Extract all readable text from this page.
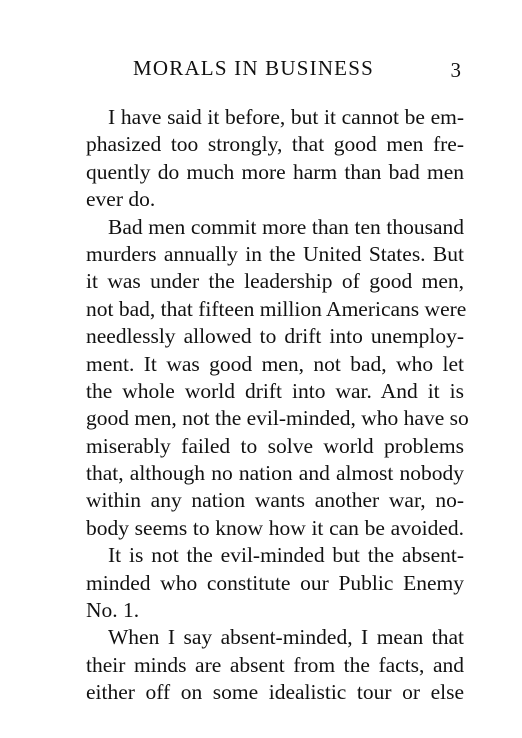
MORALS IN BUSINESS	3
I have said it before, but it cannot be em-
phasized too strongly, that good men fre-
quently do much more harm than bad men
ever do.
Bad men commit more than ten thousand
murders annually in the United States. But
it was under the leadership of good men,
not bad, that fifteen million Americans were
needlessly allowed to drift into unemploy-
ment. It was good men, not bad, who let
the whole world drift into war. And it is
good men, not the evil-minded, who have so
miserably failed to solve world problems
that, although no nation and almost nobody
within any nation wants another war, no-
body seems to know how it can be avoided.
It is not the evil-minded but the absent-
minded who constitute our Public Enemy
No. 1.
When I say absent-minded, I mean that
their minds are absent from the facts, and
either off on some idealistic tour or else
